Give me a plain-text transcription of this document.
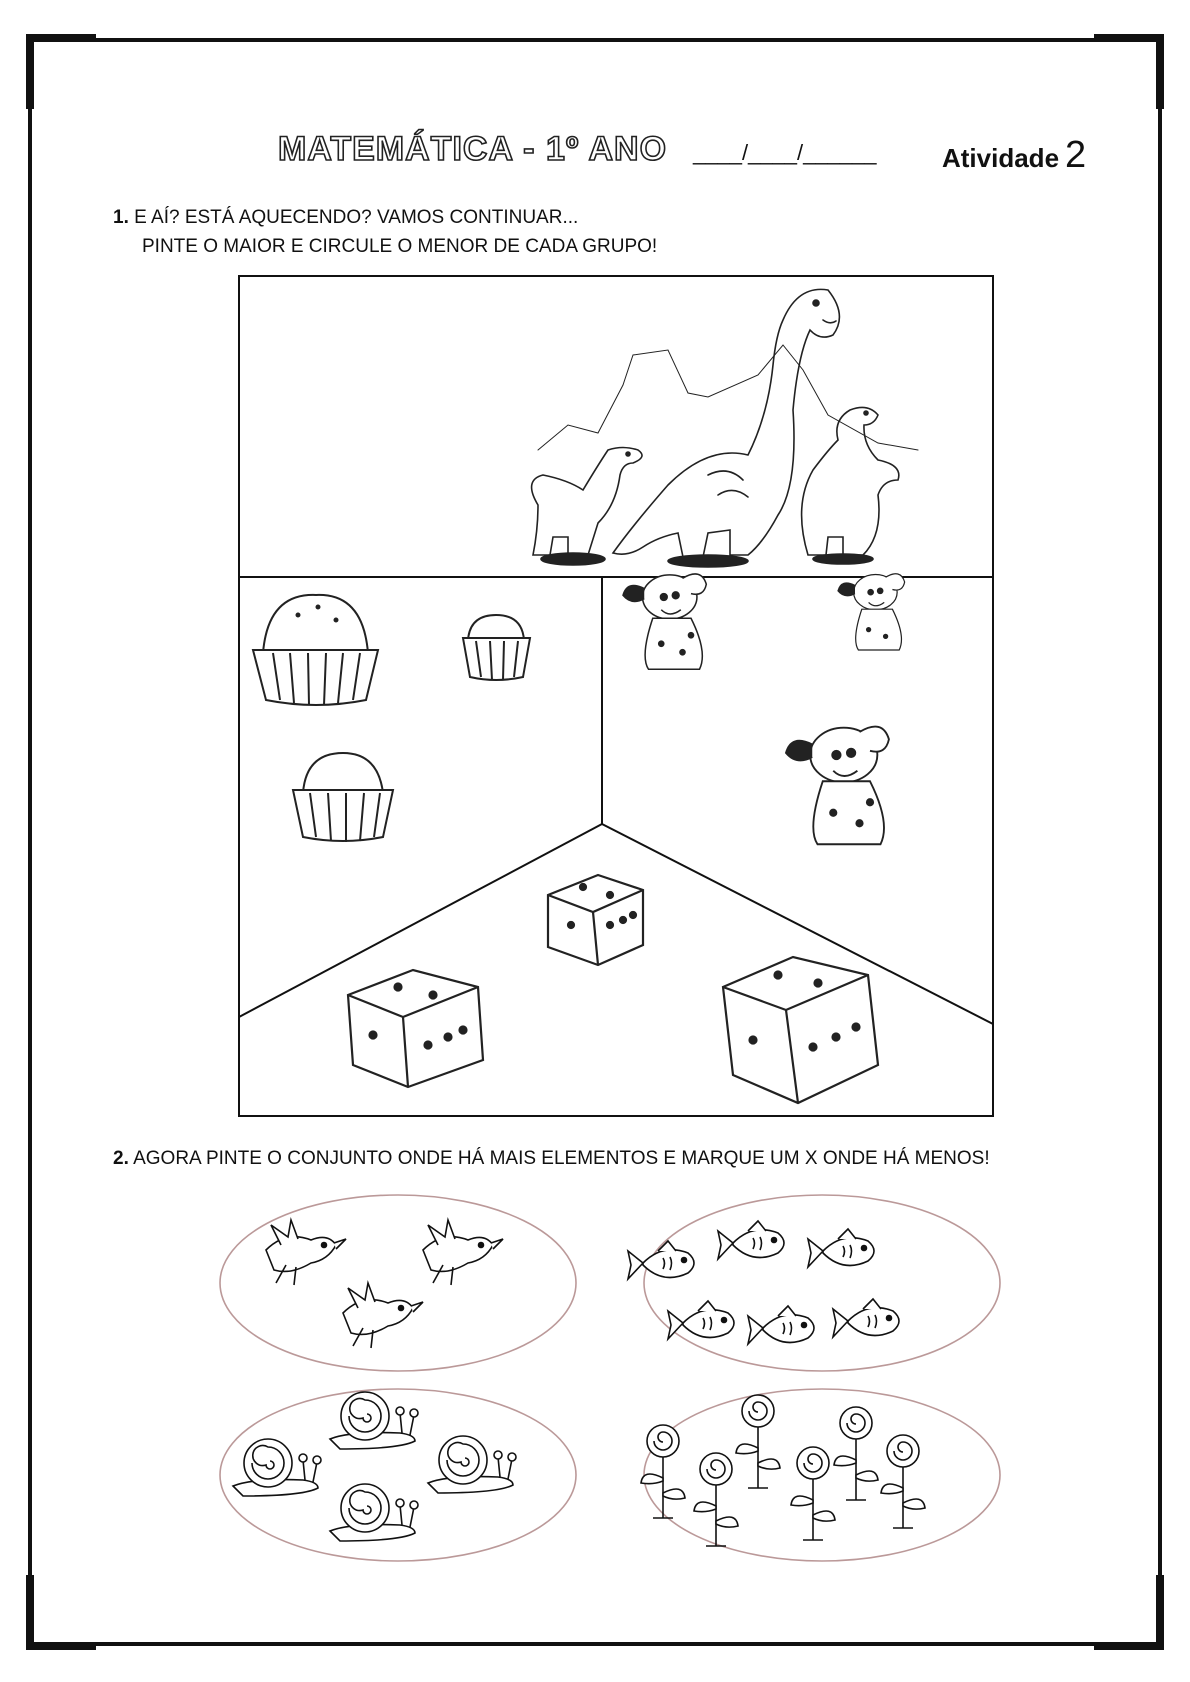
MATEMÁTICA - 1º ANO ____/____/______	Atividade 2
1. E AÍ? ESTÁ AQUECENDO? VAMOS CONTINUAR...
PINTE O MAIOR E CIRCULE O MENOR DE CADA GRUPO!
2. AGORA PINTE O CONJUNTO ONDE HÁ MAIS ELEMENTOS E MARQUE UM X ONDE HÁ MENOS!
